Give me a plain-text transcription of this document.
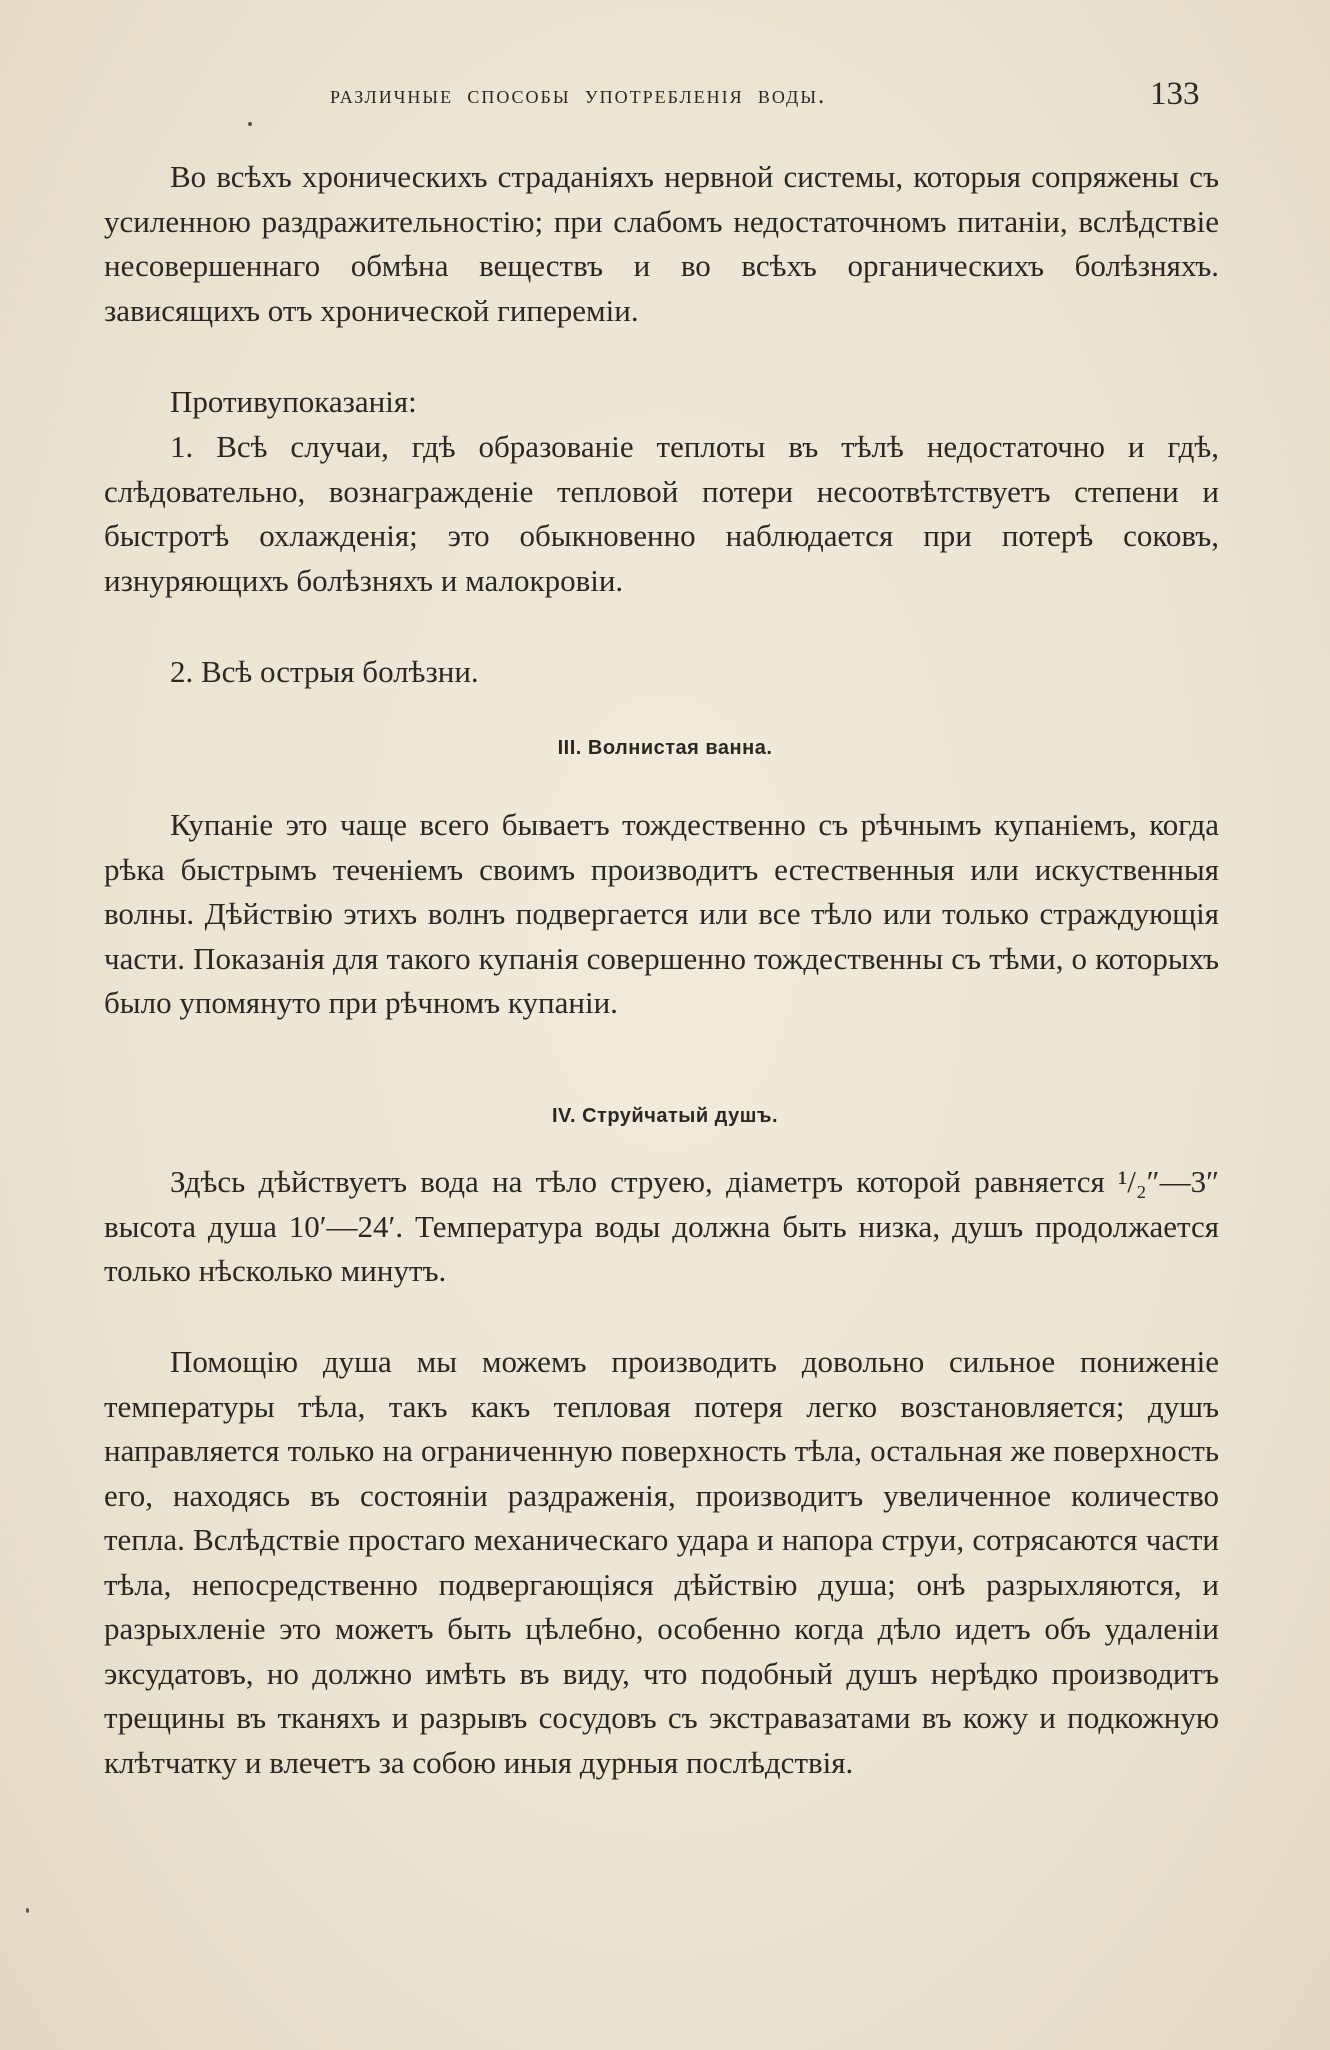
различные способы употребленія воды.	133

Во всѣхъ хроническихъ страданіяхъ нервной системы, которыя сопряжены съ усиленною раздражительностію; при слабомъ недостаточномъ питаніи, вслѣдствіе несовершеннаго обмѣна веществъ и во всѣхъ органическихъ болѣзняхъ. зависящихъ отъ хронической гипереміи.

Противупоказанія:

1. Всѣ случаи, гдѣ образованіе теплоты въ тѣлѣ недостаточно и гдѣ, слѣдовательно, вознагражденіе тепловой потери несоотвѣтствуетъ степени и быстротѣ охлажденія; это обыкновенно наблюдается при потерѣ соковъ, изнуряющихъ болѣзняхъ и малокровіи.

2. Всѣ острыя болѣзни.

III. Волнистая ванна.

Купаніе это чаще всего бываетъ тождественно съ рѣчнымъ купаніемъ, когда рѣка быстрымъ теченіемъ своимъ производитъ естественныя или искуственныя волны. Дѣйствію этихъ волнъ подвергается или все тѣло или только страждующія части. Показанія для такого купанія совершенно тождественны съ тѣми, о которыхъ было упомянуто при рѣчномъ купаніи.

IV. Струйчатый душъ.

Здѣсь дѣйствуетъ вода на тѣло струею, діаметръ которой равняется ¹/₂″—3″ высота душа 10′—24′. Температура воды должна быть низка, душъ продолжается только нѣсколько минутъ.

Помощію душа мы можемъ производить довольно сильное пониженіе температуры тѣла, такъ какъ тепловая потеря легко возстановляется; душъ направляется только на ограниченную поверхность тѣла, остальная же поверхность его, находясь въ состояніи раздраженія, производитъ увеличенное количество тепла. Вслѣдствіе простаго механическаго удара и напора струи, сотрясаются части тѣла, непосредственно подвергающіяся дѣйствію душа; онѣ разрыхляются, и разрыхленіе это можетъ быть цѣлебно, особенно когда дѣло идетъ объ удаленіи эксудатовъ, но должно имѣть въ виду, что подобный душъ нерѣдко производитъ трещины въ тканяхъ и разрывъ сосудовъ съ экстравазатами въ кожу и подкожную клѣтчатку и влечетъ за собою иныя дурныя послѣдствія.
